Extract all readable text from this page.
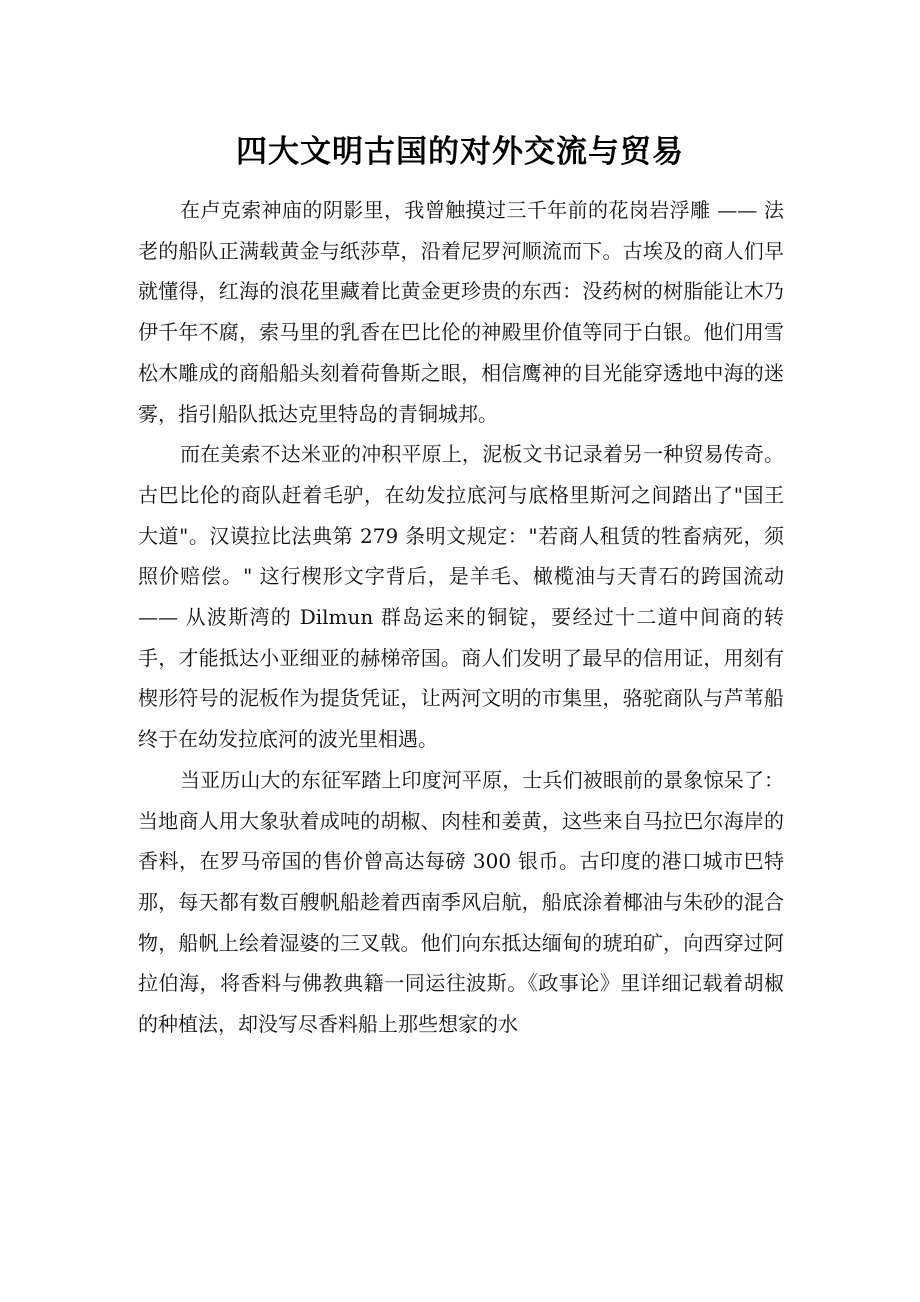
四大文明古国的对外交流与贸易

在卢克索神庙的阴影里，我曾触摸过三千年前的花岗岩浮雕 —— 法老的船队正满载黄金与纸莎草，沿着尼罗河顺流而下。古埃及的商人们早就懂得，红海的浪花里藏着比黄金更珍贵的东西：没药树的树脂能让木乃伊千年不腐，索马里的乳香在巴比伦的神殿里价值等同于白银。他们用雪松木雕成的商船船头刻着荷鲁斯之眼，相信鹰神的目光能穿透地中海的迷雾，指引船队抵达克里特岛的青铜城邦。

而在美索不达米亚的冲积平原上，泥板文书记录着另一种贸易传奇。古巴比伦的商队赶着毛驴，在幼发拉底河与底格里斯河之间踏出了"国王大道"。汉谟拉比法典第 279 条明文规定："若商人租赁的牲畜病死，须照价赔偿。" 这行楔形文字背后，是羊毛、橄榄油与天青石的跨国流动 —— 从波斯湾的 Dilmun 群岛运来的铜锭，要经过十二道中间商的转手，才能抵达小亚细亚的赫梯帝国。商人们发明了最早的信用证，用刻有楔形符号的泥板作为提货凭证，让两河文明的市集里，骆驼商队与芦苇船终于在幼发拉底河的波光里相遇。

当亚历山大的东征军踏上印度河平原，士兵们被眼前的景象惊呆了：当地商人用大象驮着成吨的胡椒、肉桂和姜黄，这些来自马拉巴尔海岸的香料，在罗马帝国的售价曾高达每磅 300 银币。古印度的港口城市巴特那，每天都有数百艘帆船趁着西南季风启航，船底涂着椰油与朱砂的混合物，船帆上绘着湿婆的三叉戟。他们向东抵达缅甸的琥珀矿，向西穿过阿拉伯海，将香料与佛教典籍一同运往波斯。《政事论》里详细记载着胡椒的种植法，却没写尽香料船上那些想家的水
